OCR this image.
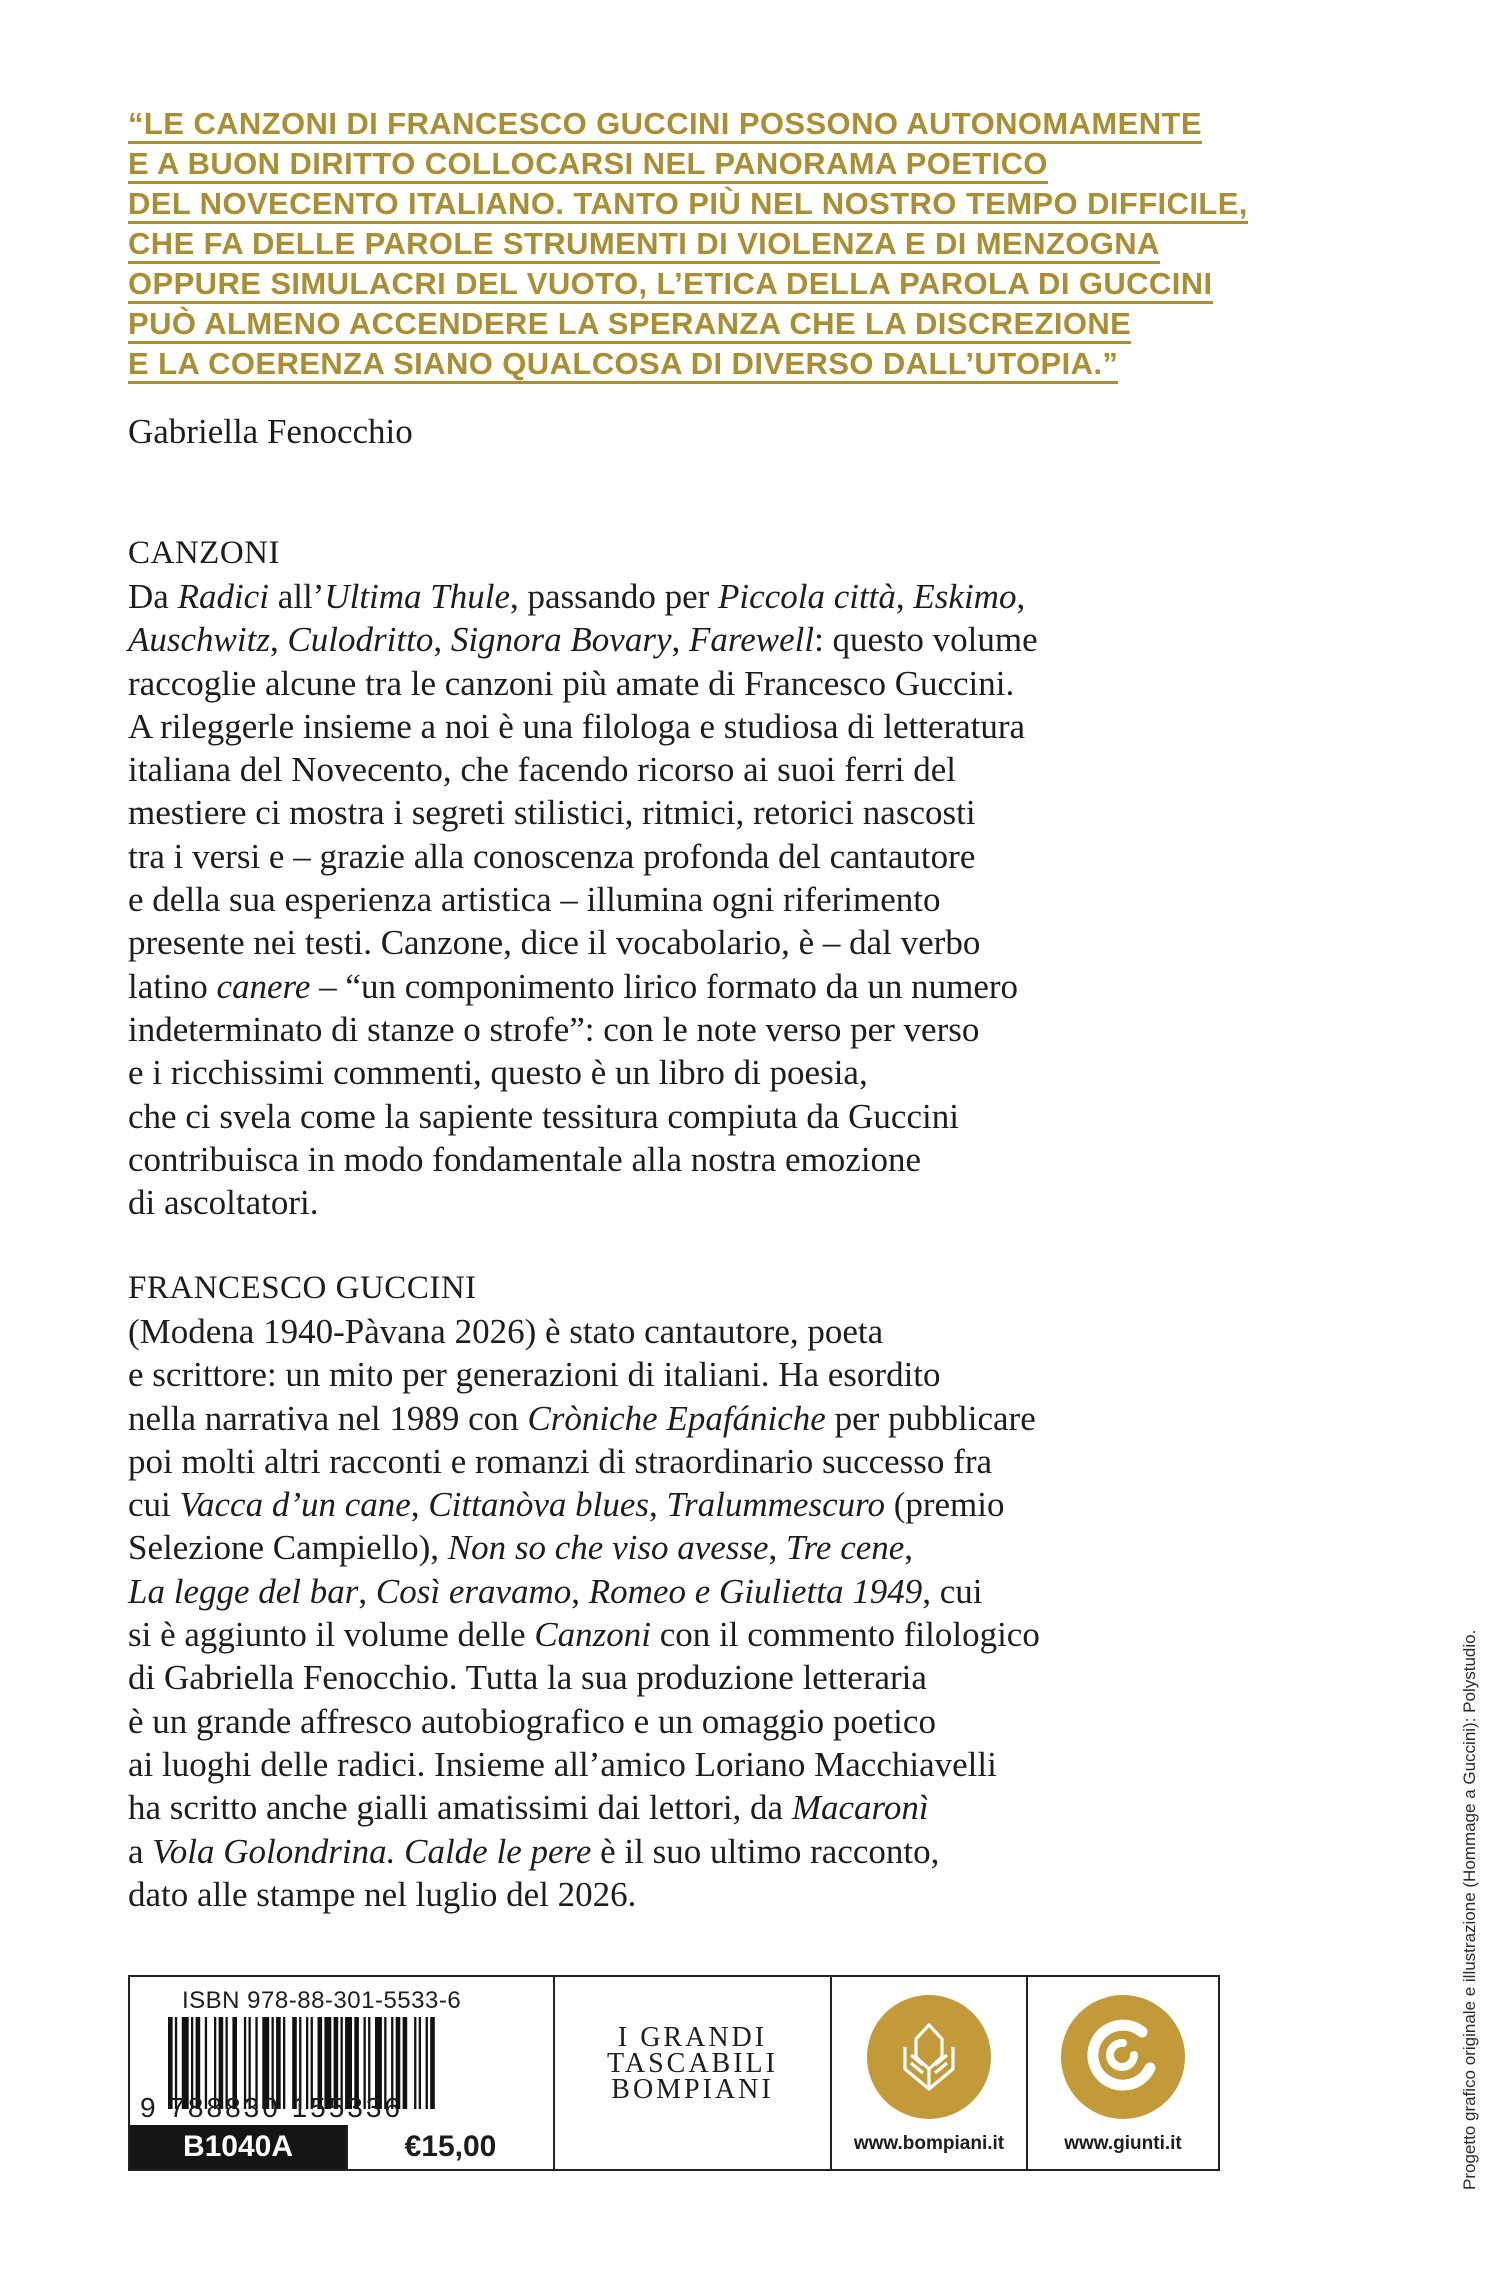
“LE CANZONI DI FRANCESCO GUCCINI POSSONO AUTONOMAMENTE
E A BUON DIRITTO COLLOCARSI NEL PANORAMA POETICO
DEL NOVECENTO ITALIANO. TANTO PIÙ NEL NOSTRO TEMPO DIFFICILE,
CHE FA DELLE PAROLE STRUMENTI DI VIOLENZA E DI MENZOGNA
OPPURE SIMULACRI DEL VUOTO, L’ETICA DELLA PAROLA DI GUCCINI
PUÒ ALMENO ACCENDERE LA SPERANZA CHE LA DISCREZIONE
E LA COERENZA SIANO QUALCOSA DI DIVERSO DALL’UTOPIA.”
Gabriella Fenocchio
CANZONI

Da Radici all’Ultima Thule, passando per Piccola città, Eskimo,

Auschwitz, Culodritto, Signora Bovary, Farewell: questo volume

raccoglie alcune tra le canzoni più amate di Francesco Guccini.

A rileggerle insieme a noi è una filologa e studiosa di letteratura

italiana del Novecento, che facendo ricorso ai suoi ferri del

mestiere ci mostra i segreti stilistici, ritmici, retorici nascosti

tra i versi e – grazie alla conoscenza profonda del cantautore

e della sua esperienza artistica – illumina ogni riferimento

presente nei testi. Canzone, dice il vocabolario, è – dal verbo

latino canere – “un componimento lirico formato da un numero

indeterminato di stanze o strofe”: con le note verso per verso

e i ricchissimi commenti, questo è un libro di poesia,

che ci svela come la sapiente tessitura compiuta da Guccini

contribuisca in modo fondamentale alla nostra emozione

di ascoltatori.

FRANCESCO GUCCINI

(Modena 1940-Pàvana 2026) è stato cantautore, poeta

e scrittore: un mito per generazioni di italiani. Ha esordito

nella narrativa nel 1989 con Cròniche Epafániche per pubblicare

poi molti altri racconti e romanzi di straordinario successo fra

cui Vacca d’un cane, Cittanòva blues, Tralummescuro (premio

Selezione Campiello), Non so che viso avesse, Tre cene,

La legge del bar, Così eravamo, Romeo e Giulietta 1949, cui

si è aggiunto il volume delle Canzoni con il commento filologico

di Gabriella Fenocchio. Tutta la sua produzione letteraria

è un grande affresco autobiografico e un omaggio poetico

ai luoghi delle radici. Insieme all’amico Loriano Macchiavelli

ha scritto anche gialli amatissimi dai lettori, da Macaronì

a Vola Golondrina. Calde le pere è il suo ultimo racconto,

dato alle stampe nel luglio del 2026.	Progetto grafico originale e illustrazione (Hommage a Guccini): Polystudio.
ISBN 978-88-301-5533-6
9 788830 155336
B1040A	€15,00
I GRANDI
TASCABILI
BOMPIANI
www.bompiani.it	www.giunti.it
